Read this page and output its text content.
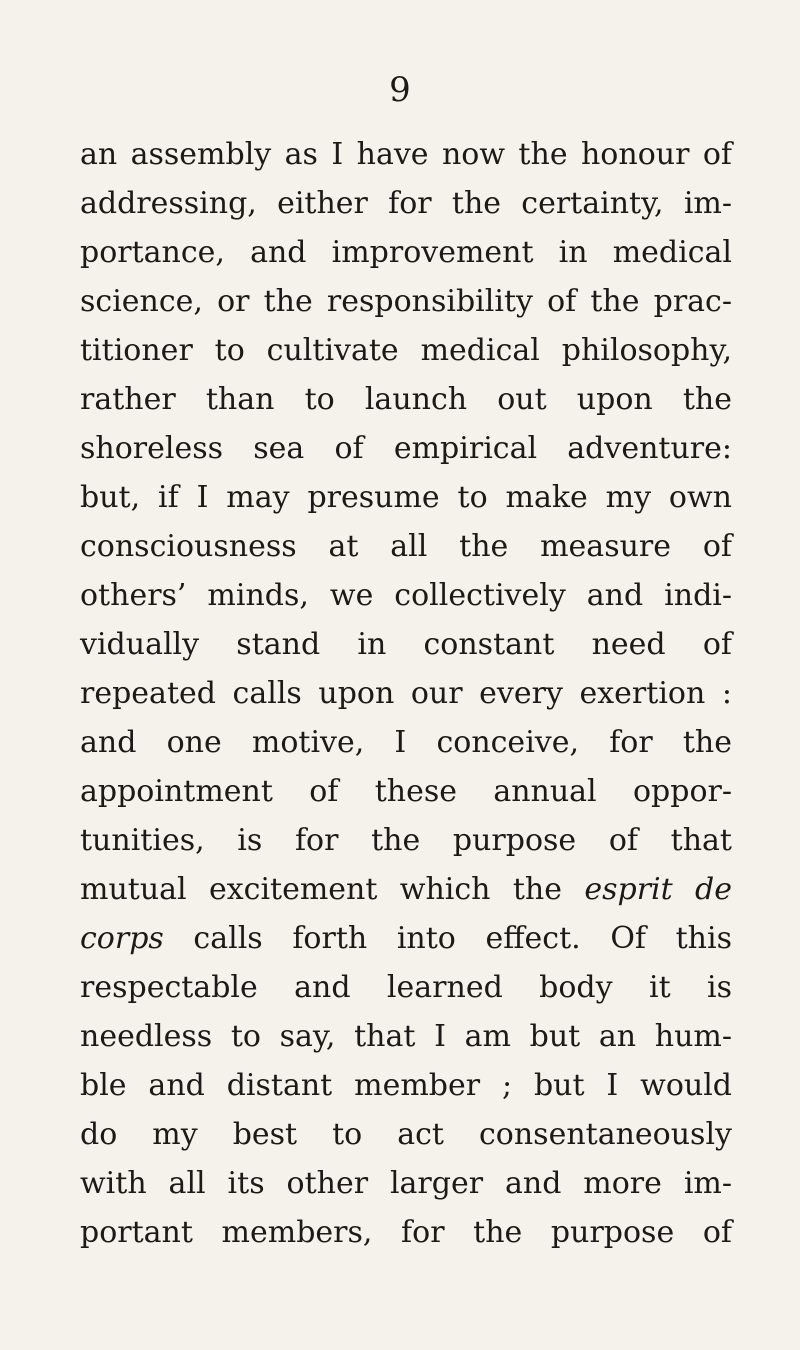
9
an assembly as I have now the honour of
addressing, either for the certainty, im-
portance, and improvement in medical
science, or the responsibility of the prac-
titioner to cultivate medical philosophy,
rather than to launch out upon the
shoreless sea of empirical adventure:
but, if I may presume to make my own
consciousness at all the measure of
others’ minds, we collectively and indi-
vidually stand in constant need of
repeated calls upon our every exertion :
and one motive, I conceive, for the
appointment of these annual oppor-
tunities, is for the purpose of that
mutual excitement which the esprit de
corps calls forth into effect. Of this
respectable and learned body it is
needless to say, that I am but an hum-
ble and distant member ; but I would
do my best to act consentaneously
with all its other larger and more im-
portant members, for the purpose of
